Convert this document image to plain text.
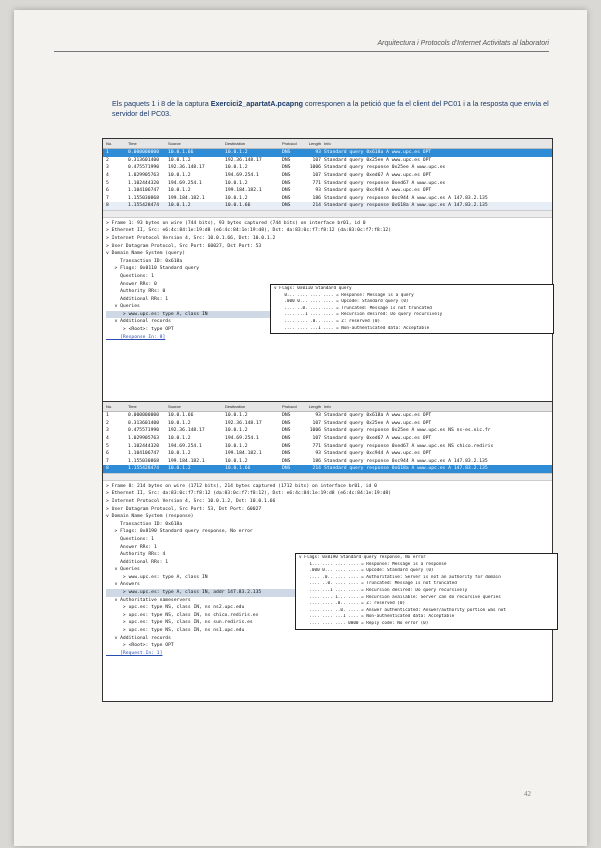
Arquitectura i Protocols d'Internet Activitats al laboratori
Els paquets 1 i 8 de la captura Exercici2_apartatA.pcapng corresponen a la petició que fa el client del PC01 i a la resposta que envia el servidor del PC03.
No.	Time	Source	Destination	Protocol	Length Info
1	0.000000000	10.0.1.66	10.0.1.2	DNS	93 Standard query 0x618a A www.upc.es OPT
2	0.313601400	10.0.1.2	192.36.148.17	DNS	107 Standard query 0x25ee A www.upc.es OPT
3	0.475571990	192.36.148.17	10.0.1.2	DNS	1006 Standard query response 0x25ee A www.upc.es
4	1.029905763	10.0.1.2	194.69.254.1	DNS	107 Standard query 0xed67 A www.upc.es OPT
5	1.102444320	194.69.254.1	10.0.1.2	DNS	771 Standard query response 0xed67 A www.upc.es
6	1.104106747	10.0.1.2	199.184.182.1	DNS	93 Standard query 0xc944 A www.upc.es OPT
7	1.155030868	199.184.182.1	10.0.1.2	DNS	186 Standard query response 0xc944 A www.upc.es A 147.83.2.135
8	1.155428474	10.0.1.2	10.0.1.66	DNS	214 Standard query response 0x618a A www.upc.es A 147.83.2.135
> Frame 1: 93 bytes on wire (744 bits), 93 bytes captured (744 bits) on interface br01, id 0
> Ethernet II, Src: e6:4c:84:1e:19:d8 (e6:4c:84:1e:19:d8), Dst: da:83:0c:f7:f8:12 (da:83:0c:f7:f8:12)
> Internet Protocol Version 4, Src: 10.0.1.66, Dst: 10.0.1.2
> User Datagram Protocol, Src Port: 60027, Dst Port: 53
v Domain Name System (query)
Transaction ID: 0x618a
> Flags: 0x0110 Standard query
Questions: 1
Answer RRs: 0
Authority RRs: 0
Additional RRs: 1
v Queries
> www.upc.es: type A, class IN
v Additional records
> <Root>: type OPT
[Response In: 8]
v Flags: 0x0110 Standard query
0... .... .... .... = Response: Message is a query
.000 0... .... .... = Opcode: Standard query (0)
.... ..0. .... .... = Truncated: Message is not truncated
.... ...1 .... .... = Recursion desired: Do query recursively
.... .... .0.. .... = Z: reserved (0)
.... .... ...1 .... = Non-authenticated data: Acceptable
No.	Time	Source	Destination	Protocol	Length Info
1	0.000000000	10.0.1.66	10.0.1.2	DNS	93 Standard query 0x618a A www.upc.es OPT
2	0.313601400	10.0.1.2	192.36.148.17	DNS	107 Standard query 0x25ee A www.upc.es OPT
3	0.475571990	192.36.148.17	10.0.1.2	DNS	1006 Standard query response 0x25ee A www.upc.es NS ns-es.nic.fr
4	1.029905763	10.0.1.2	194.69.254.1	DNS	107 Standard query 0xed67 A www.upc.es OPT
5	1.102444320	194.69.254.1	10.0.1.2	DNS	771 Standard query response 0xed67 A www.upc.es NS chico.rediris
6	1.104106747	10.0.1.2	199.184.182.1	DNS	93 Standard query 0xc944 A www.upc.es OPT
7	1.155030868	199.184.182.1	10.0.1.2	DNS	186 Standard query response 0xc944 A www.upc.es A 147.83.2.135
8	1.155428474	10.0.1.2	10.0.1.66	DNS	214 Standard query response 0x618a A www.upc.es A 147.83.2.135
> Frame 8: 214 bytes on wire (1712 bits), 214 bytes captured (1712 bits) on interface br01, id 0
> Ethernet II, Src: da:83:0c:f7:f8:12 (da:83:0c:f7:f8:12), Dst: e6:4c:84:1e:19:d8 (e6:4c:84:1e:19:d8)
> Internet Protocol Version 4, Src: 10.0.1.2, Dst: 10.0.1.66
> User Datagram Protocol, Src Port: 53, Dst Port: 60027
v Domain Name System (response)
Transaction ID: 0x618a
> Flags: 0x8190 Standard query response, No error
Questions: 1
Answer RRs: 1
Authority RRs: 4
Additional RRs: 1
v Queries
> www.upc.es: type A, class IN
v Answers
> www.upc.es: type A, class IN, addr 147.83.2.135
v Authoritative nameservers
> upc.es: type NS, class IN, ns ns2.upc.edu
> upc.es: type NS, class IN, ns chico.rediris.es
> upc.es: type NS, class IN, ns sun.rediris.es
> upc.es: type NS, class IN, ns ns1.upc.edu
v Additional records
> <Root>: type OPT
[Request In: 1]
v Flags: 0x8190 Standard query response, No error
1... .... .... .... = Response: Message is a response
.000 0... .... .... = Opcode: Standard query (0)
.... .0.. .... .... = Authoritative: Server is not an authority for domain
.... ..0. .... .... = Truncated: Message is not truncated
.... ...1 .... .... = Recursion desired: Do query recursively
.... .... 1... .... = Recursion available: Server can do recursive queries
.... .... .0.. .... = Z: reserved (0)
.... .... ..0. .... = Answer authenticated: Answer/authority portion was not
.... .... ...1 .... = Non-authenticated data: Acceptable
.... .... .... 0000 = Reply code: No error (0)
42
